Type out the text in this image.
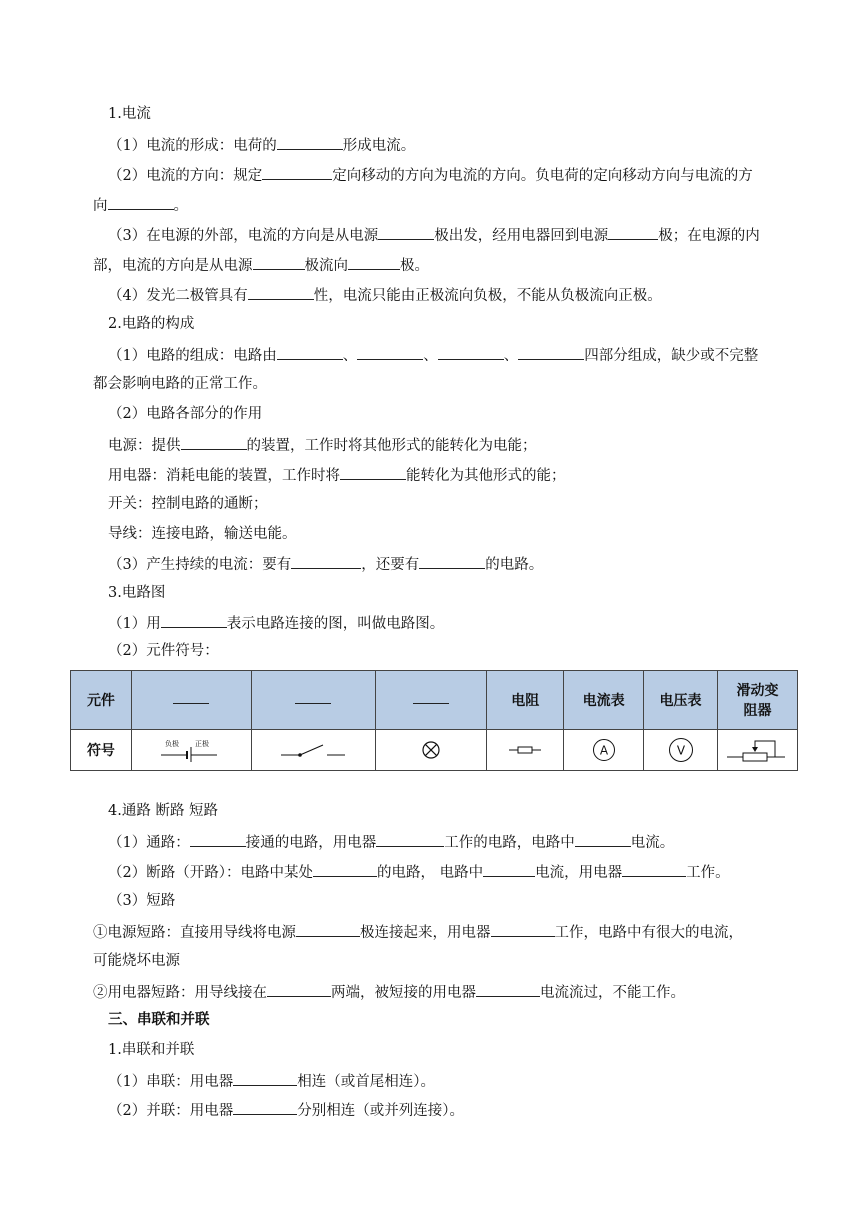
1.电流
（1）电流的形成：电荷的	形成电流。
（2）电流的方向：规定	定向移动的方向为电流的方向。负电荷的定向移动方向与电流的方
向	。
（3）在电源的外部，电流的方向是从电源	极出发，经用电器回到电源	极；在电源的内
部，电流的方向是从电源	极流向	极。
（4）发光二极管具有	性，电流只能由正极流向负极，不能从负极流向正极。
2.电路的构成
（1）电路的组成：电路由	、	、	、	四部分组成，缺少或不完整
都会影响电路的正常工作。
（2）电路各部分的作用
电源：提供	的装置，工作时将其他形式的能转化为电能；
用电器：消耗电能的装置，工作时将	能转化为其他形式的能；
开关：控制电路的通断；
导线：连接电路，输送电能。
（3）产生持续的电流：要有	，还要有	的电路。
3.电路图
（1）用	表示电路连接的图，叫做电路图。
（2）元件符号：
元件				电阻	电流表	电压表	滑动变
阻器

符号	负极 正极				A	V

4.通路 断路 短路
（1）通路：	接通的电路，用电器	工作的电路，电路中	电流。
（2）断路（开路）：电路中某处	的电路， 电路中	电流，用电器	工作。
（3）短路
①电源短路：直接用导线将电源	极连接起来，用电器	工作，电路中有很大的电流，
可能烧坏电源
②用电器短路：用导线接在	两端，被短接的用电器	电流流过，不能工作。
三、串联和并联
1.串联和并联
（1）串联：用电器	相连（或首尾相连）。
（2）并联：用电器	分别相连（或并列连接）。
